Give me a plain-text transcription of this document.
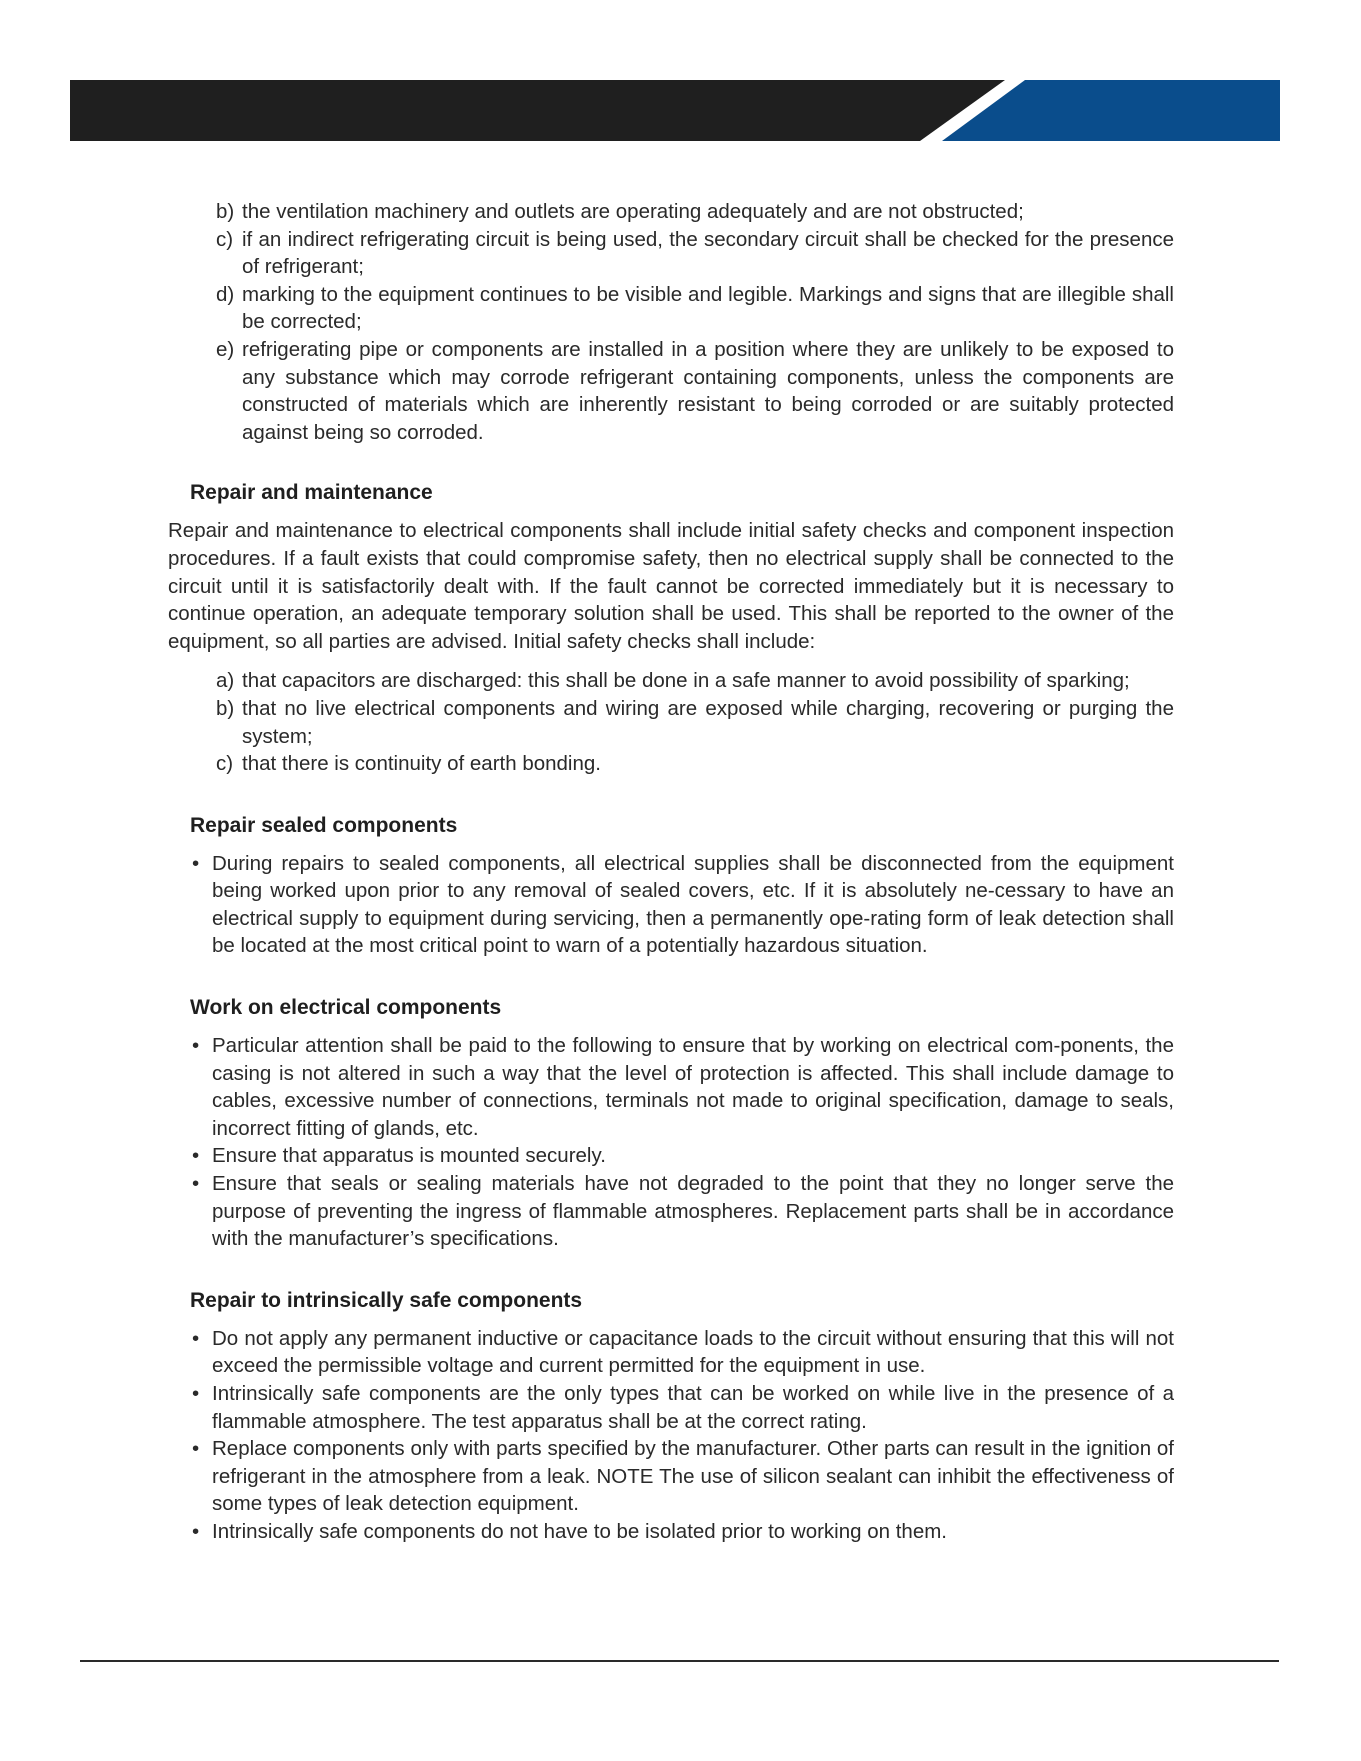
b) the ventilation machinery and outlets are operating adequately and are not obstructed;
c) if an indirect refrigerating circuit is being used, the secondary circuit shall be checked for the presence of refrigerant;
d) marking to the equipment continues to be visible and legible. Markings and signs that are illegible shall be corrected;
e) refrigerating pipe or components are installed in a position where they are unlikely to be exposed to any substance which may corrode refrigerant containing components, unless the components are constructed of materials which are inherently resistant to being corroded or are suitably protected against being so corroded.
Repair and maintenance

Repair and maintenance to electrical components shall include initial safety checks and component inspection procedures. If a fault exists that could compromise safety, then no electrical supply shall be connected to the circuit until it is satisfactorily dealt with. If the fault cannot be corrected immediately but it is necessary to continue operation, an adequate temporary solution shall be used. This shall be reported to the owner of the equipment, so all parties are advised. Initial safety checks shall include:

a) that capacitors are discharged: this shall be done in a safe manner to avoid possibility of sparking;
b) that no live electrical components and wiring are exposed while charging, recovering or purging the system;
c) that there is continuity of earth bonding.
Repair sealed components
• During repairs to sealed components, all electrical supplies shall be disconnected from the equipment being worked upon prior to any removal of sealed covers, etc. If it is absolutely ne-cessary to have an electrical supply to equipment during servicing, then a permanently ope-rating form of leak detection shall be located at the most critical point to warn of a potentially hazardous situation.
Work on electrical components
• Particular attention shall be paid to the following to ensure that by working on electrical com-ponents, the casing is not altered in such a way that the level of protection is affected. This shall include damage to cables, excessive number of connections, terminals not made to original specification, damage to seals, incorrect fitting of glands, etc.
• Ensure that apparatus is mounted securely.
• Ensure that seals or sealing materials have not degraded to the point that they no longer serve the purpose of preventing the ingress of flammable atmospheres. Replacement parts shall be in accordance with the manufacturer’s specifications.
Repair to intrinsically safe components
• Do not apply any permanent inductive or capacitance loads to the circuit without ensuring that this will not exceed the permissible voltage and current permitted for the equipment in use.
• Intrinsically safe components are the only types that can be worked on while live in the presence of a flammable atmosphere. The test apparatus shall be at the correct rating.
• Replace components only with parts specified by the manufacturer. Other parts can result in the ignition of refrigerant in the atmosphere from a leak. NOTE The use of silicon sealant can inhibit the effectiveness of some types of leak detection equipment.
• Intrinsically safe components do not have to be isolated prior to working on them.
